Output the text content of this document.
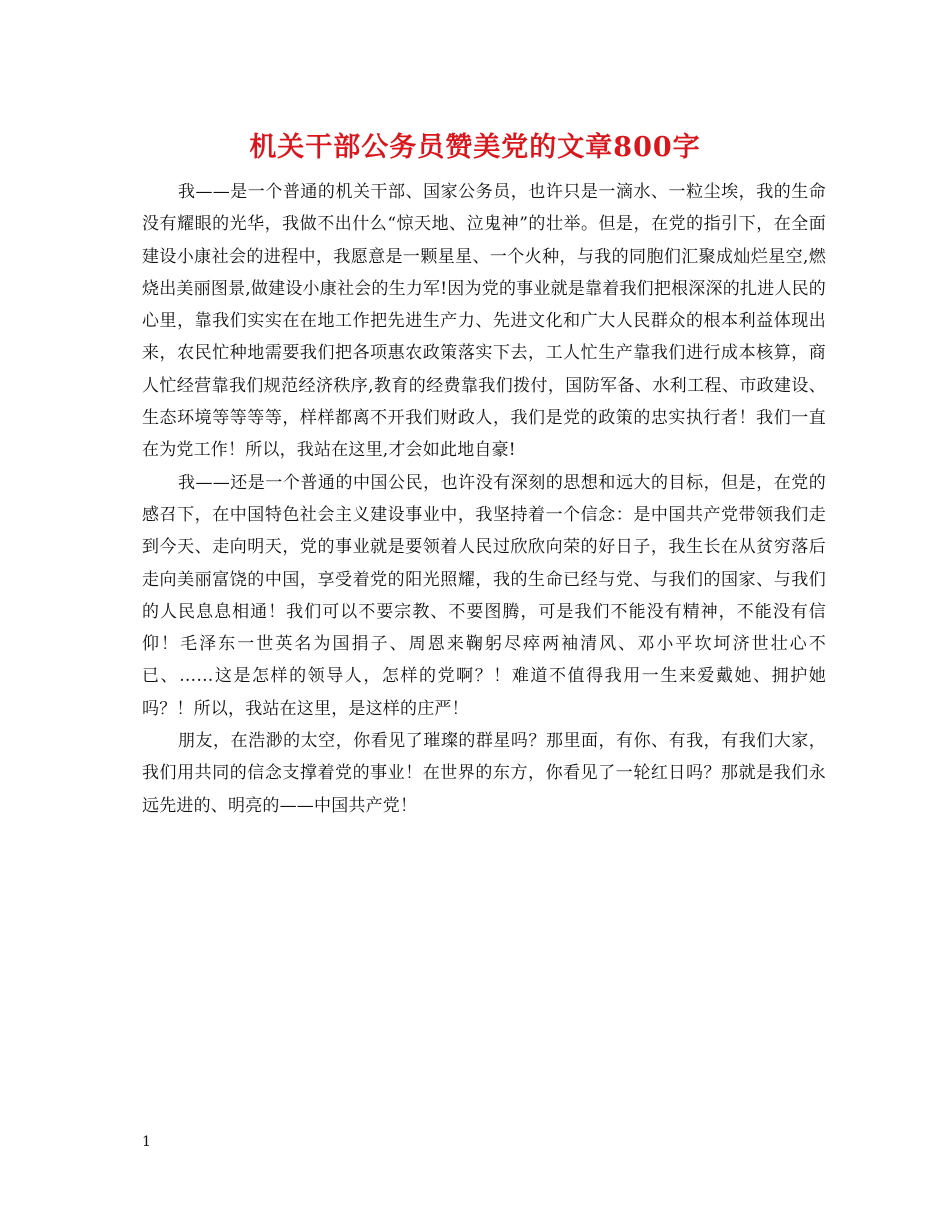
机关干部公务员赞美党的文章800字

我——是一个普通的机关干部、国家公务员，也许只是一滴水、一粒尘埃，我的生命没有耀眼的光华，我做不出什么“惊天地、泣鬼神”的壮举。但是，在党的指引下，在全面建设小康社会的进程中，我愿意是一颗星星、一个火种，与我的同胞们汇聚成灿烂星空,燃烧出美丽图景,做建设小康社会的生力军!因为党的事业就是靠着我们把根深深的扎进人民的心里，靠我们实实在在地工作把先进生产力、先进文化和广大人民群众的根本利益体现出来，农民忙种地需要我们把各项惠农政策落实下去，工人忙生产靠我们进行成本核算，商人忙经营靠我们规范经济秩序,教育的经费靠我们拨付，国防军备、水利工程、市政建设、生态环境等等等等，样样都离不开我们财政人，我们是党的政策的忠实执行者！我们一直在为党工作！所以，我站在这里,才会如此地自豪!

我——还是一个普通的中国公民，也许没有深刻的思想和远大的目标，但是，在党的感召下，在中国特色社会主义建设事业中，我坚持着一个信念：是中国共产党带领我们走到今天、走向明天，党的事业就是要领着人民过欣欣向荣的好日子，我生长在从贫穷落后走向美丽富饶的中国，享受着党的阳光照耀，我的生命已经与党、与我们的国家、与我们的人民息息相通！我们可以不要宗教、不要图腾，可是我们不能没有精神，不能没有信仰！毛泽东一世英名为国捐子、周恩来鞠躬尽瘁两袖清风、邓小平坎坷济世壮心不已、……这是怎样的领导人，怎样的党啊？！难道不值得我用一生来爱戴她、拥护她吗？！所以，我站在这里，是这样的庄严！

朋友，在浩渺的太空，你看见了璀璨的群星吗？那里面，有你、有我，有我们大家，我们用共同的信念支撑着党的事业！在世界的东方，你看见了一轮红日吗？那就是我们永远先进的、明亮的——中国共产党！

1
